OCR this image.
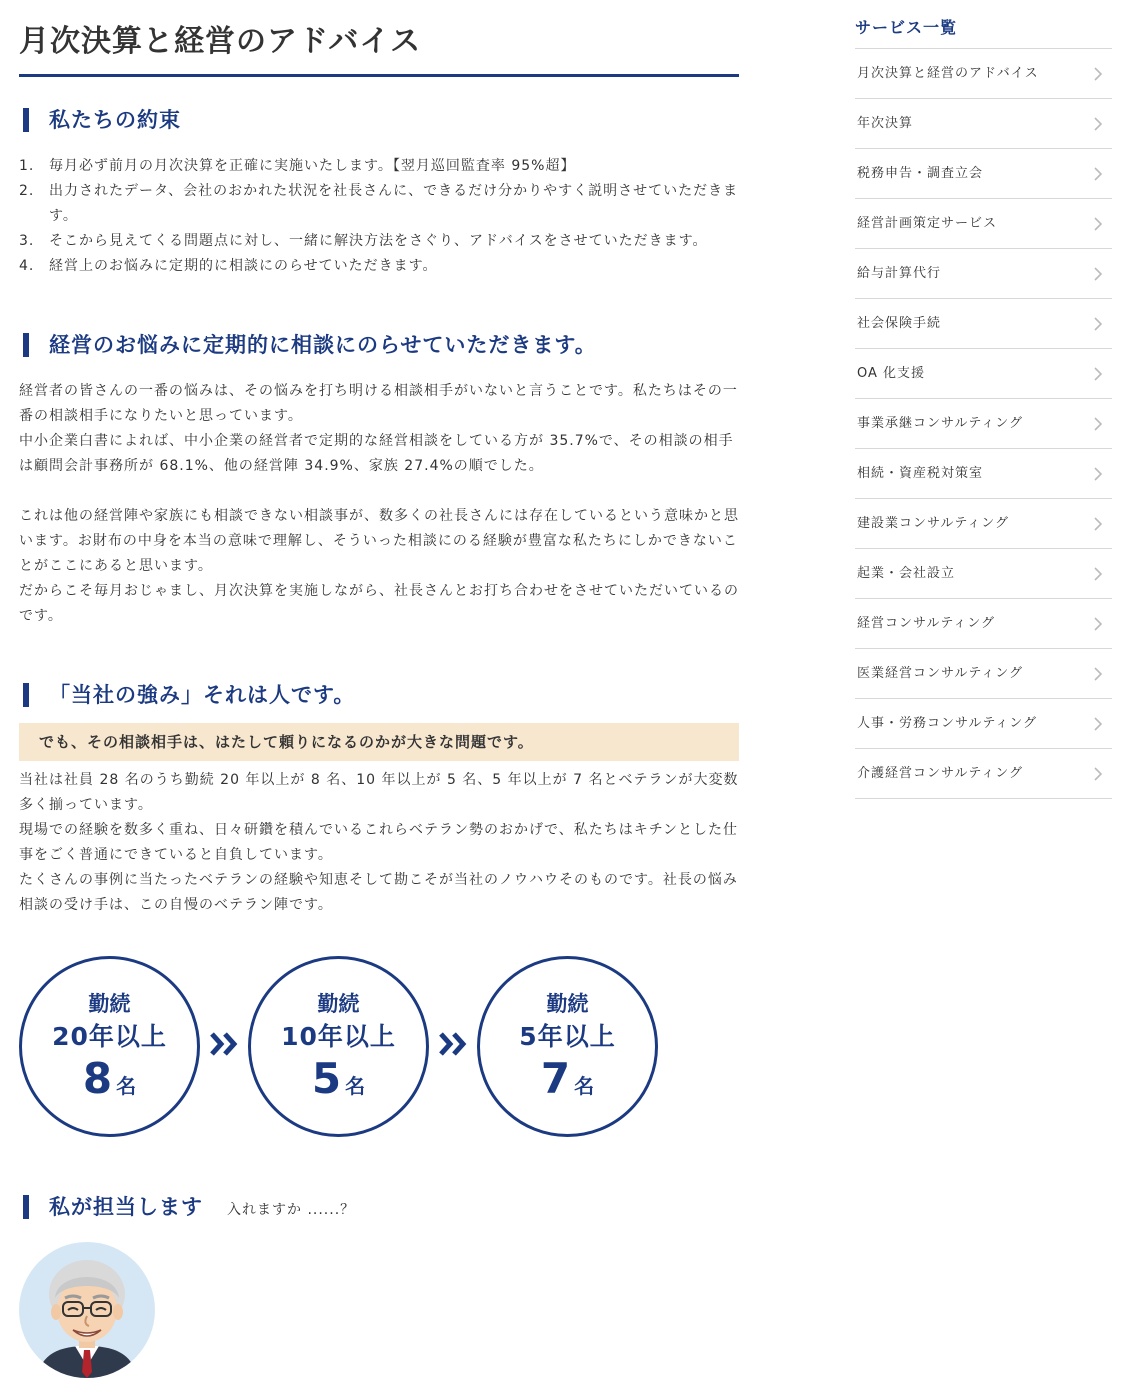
月次決算と経営のアドバイス
私たちの約束
1. 毎月必ず前月の月次決算を正確に実施いたします。【翌月巡回監査率 95%超】
2. 出力されたデータ、会社のおかれた状況を社長さんに、できるだけ分かりやすく説明させていただきます。
3. そこから見えてくる問題点に対し、一緒に解決方法をさぐり、アドバイスをさせていただきます。
4. 経営上のお悩みに定期的に相談にのらせていただきます。
経営のお悩みに定期的に相談にのらせていただきます。

経営者の皆さんの一番の悩みは、その悩みを打ち明ける相談相手がいないと言うことです。私たちはその一番の相談相手になりたいと思っています。

中小企業白書によれば、中小企業の経営者で定期的な経営相談をしている方が 35.7%で、その相談の相手は顧問会計事務所が 68.1%、他の経営陣 34.9%、家族 27.4%の順でした。

これは他の経営陣や家族にも相談できない相談事が、数多くの社長さんには存在しているという意味かと思います。お財布の中身を本当の意味で理解し、そういった相談にのる経験が豊富な私たちにしかできないことがここにあると思います。

だからこそ毎月おじゃまし、月次決算を実施しながら、社長さんとお打ち合わせをさせていただいているのです。

「当社の強み」それは人です。
でも、その相談相手は、はたして頼りになるのかが大きな問題です。

当社は社員 28 名のうち勤続 20 年以上が 8 名、10 年以上が 5 名、5 年以上が 7 名とベテランが大変数多く揃っています。

現場での経験を数多く重ね、日々研鑽を積んでいるこれらベテラン勢のおかげで、私たちはキチンとした仕事をごく普通にできていると自負しています。

たくさんの事例に当たったベテランの経験や知恵そして勘こそが当社のノウハウそのものです。社長の悩み相談の受け手は、この自慢のベテラン陣です。

勤続
20年以上
8 名
勤続
10年以上
5 名
勤続
5年以上
7 名
私が担当します 入れますか ......？
サービス一覧
月次決算と経営のアドバイス
年次決算
税務申告・調査立会
経営計画策定サービス
給与計算代行
社会保険手続
OA 化支援
事業承継コンサルティング
相続・資産税対策室
建設業コンサルティング
起業・会社設立
経営コンサルティング
医業経営コンサルティング
人事・労務コンサルティング
介護経営コンサルティング
